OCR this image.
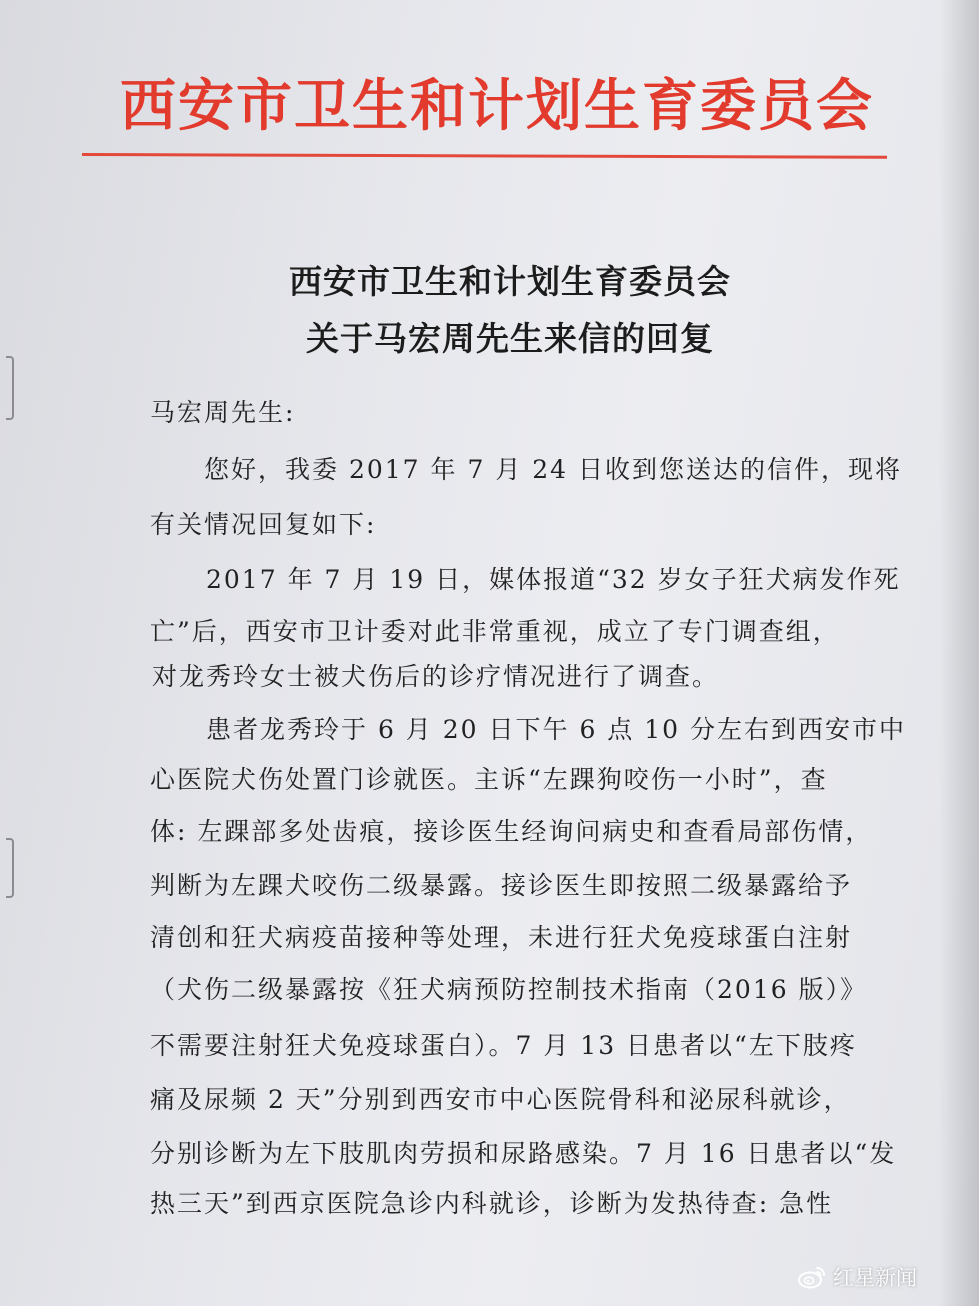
西安市卫生和计划生育委员会
西安市卫生和计划生育委员会
关于马宏周先生来信的回复
马宏周先生:
您好，我委 2017 年 7 月 24 日收到您送达的信件，现将
有关情况回复如下:
2017 年 7 月 19 日，媒体报道“32 岁女子狂犬病发作死
亡”后，西安市卫计委对此非常重视，成立了专门调查组，
对龙秀玲女士被犬伤后的诊疗情况进行了调查。
患者龙秀玲于 6 月 20 日下午 6 点 10 分左右到西安市中
心医院犬伤处置门诊就医。主诉“左踝狗咬伤一小时”，查
体: 左踝部多处齿痕，接诊医生经询问病史和查看局部伤情，
判断为左踝犬咬伤二级暴露。接诊医生即按照二级暴露给予
清创和狂犬病疫苗接种等处理，未进行狂犬免疫球蛋白注射
（犬伤二级暴露按《狂犬病预防控制技术指南（2016 版）》
不需要注射狂犬免疫球蛋白）。7 月 13 日患者以“左下肢疼
痛及尿频 2 天”分别到西安市中心医院骨科和泌尿科就诊，
分别诊断为左下肢肌肉劳损和尿路感染。7 月 16 日患者以“发
热三天”到西京医院急诊内科就诊，诊断为发热待查: 急性
红星新闻
